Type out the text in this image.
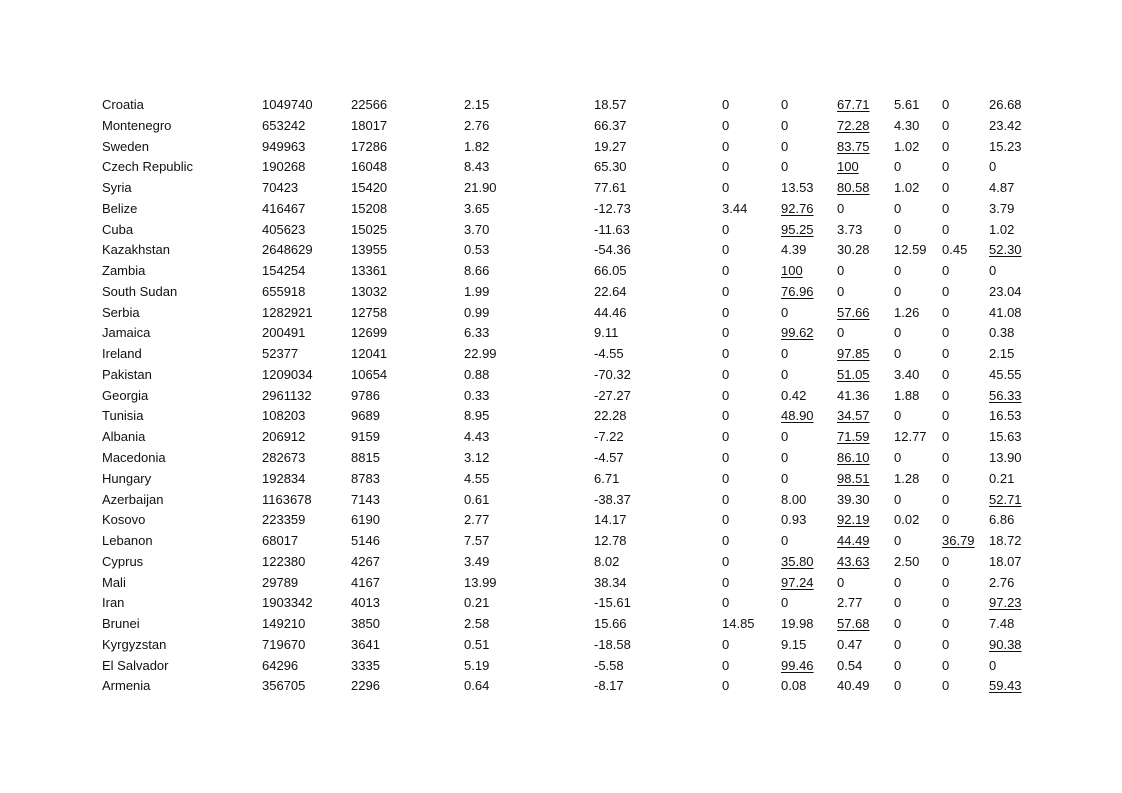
Croatia	1049740	22566	2.15	18.57	0	0	67.71	5.61	0	26.68
Montenegro	653242	18017	2.76	66.37	0	0	72.28	4.30	0	23.42
Sweden	949963	17286	1.82	19.27	0	0	83.75	1.02	0	15.23
Czech Republic	190268	16048	8.43	65.30	0	0	100	0	0	0
Syria	70423	15420	21.90	77.61	0	13.53	80.58	1.02	0	4.87
Belize	416467	15208	3.65	-12.73	3.44	92.76	0	0	0	3.79
Cuba	405623	15025	3.70	-11.63	0	95.25	3.73	0	0	1.02
Kazakhstan	2648629	13955	0.53	-54.36	0	4.39	30.28	12.59	0.45	52.30
Zambia	154254	13361	8.66	66.05	0	100	0	0	0	0
South Sudan	655918	13032	1.99	22.64	0	76.96	0	0	0	23.04
Serbia	1282921	12758	0.99	44.46	0	0	57.66	1.26	0	41.08
Jamaica	200491	12699	6.33	9.11	0	99.62	0	0	0	0.38
Ireland	52377	12041	22.99	-4.55	0	0	97.85	0	0	2.15
Pakistan	1209034	10654	0.88	-70.32	0	0	51.05	3.40	0	45.55
Georgia	2961132	9786	0.33	-27.27	0	0.42	41.36	1.88	0	56.33
Tunisia	108203	9689	8.95	22.28	0	48.90	34.57	0	0	16.53
Albania	206912	9159	4.43	-7.22	0	0	71.59	12.77	0	15.63
Macedonia	282673	8815	3.12	-4.57	0	0	86.10	0	0	13.90
Hungary	192834	8783	4.55	6.71	0	0	98.51	1.28	0	0.21
Azerbaijan	1163678	7143	0.61	-38.37	0	8.00	39.30	0	0	52.71
Kosovo	223359	6190	2.77	14.17	0	0.93	92.19	0.02	0	6.86
Lebanon	68017	5146	7.57	12.78	0	0	44.49	0	36.79	18.72
Cyprus	122380	4267	3.49	8.02	0	35.80	43.63	2.50	0	18.07
Mali	29789	4167	13.99	38.34	0	97.24	0	0	0	2.76
Iran	1903342	4013	0.21	-15.61	0	0	2.77	0	0	97.23
Brunei	149210	3850	2.58	15.66	14.85	19.98	57.68	0	0	7.48
Kyrgyzstan	719670	3641	0.51	-18.58	0	9.15	0.47	0	0	90.38
El Salvador	64296	3335	5.19	-5.58	0	99.46	0.54	0	0	0
Armenia	356705	2296	0.64	-8.17	0	0.08	40.49	0	0	59.43
